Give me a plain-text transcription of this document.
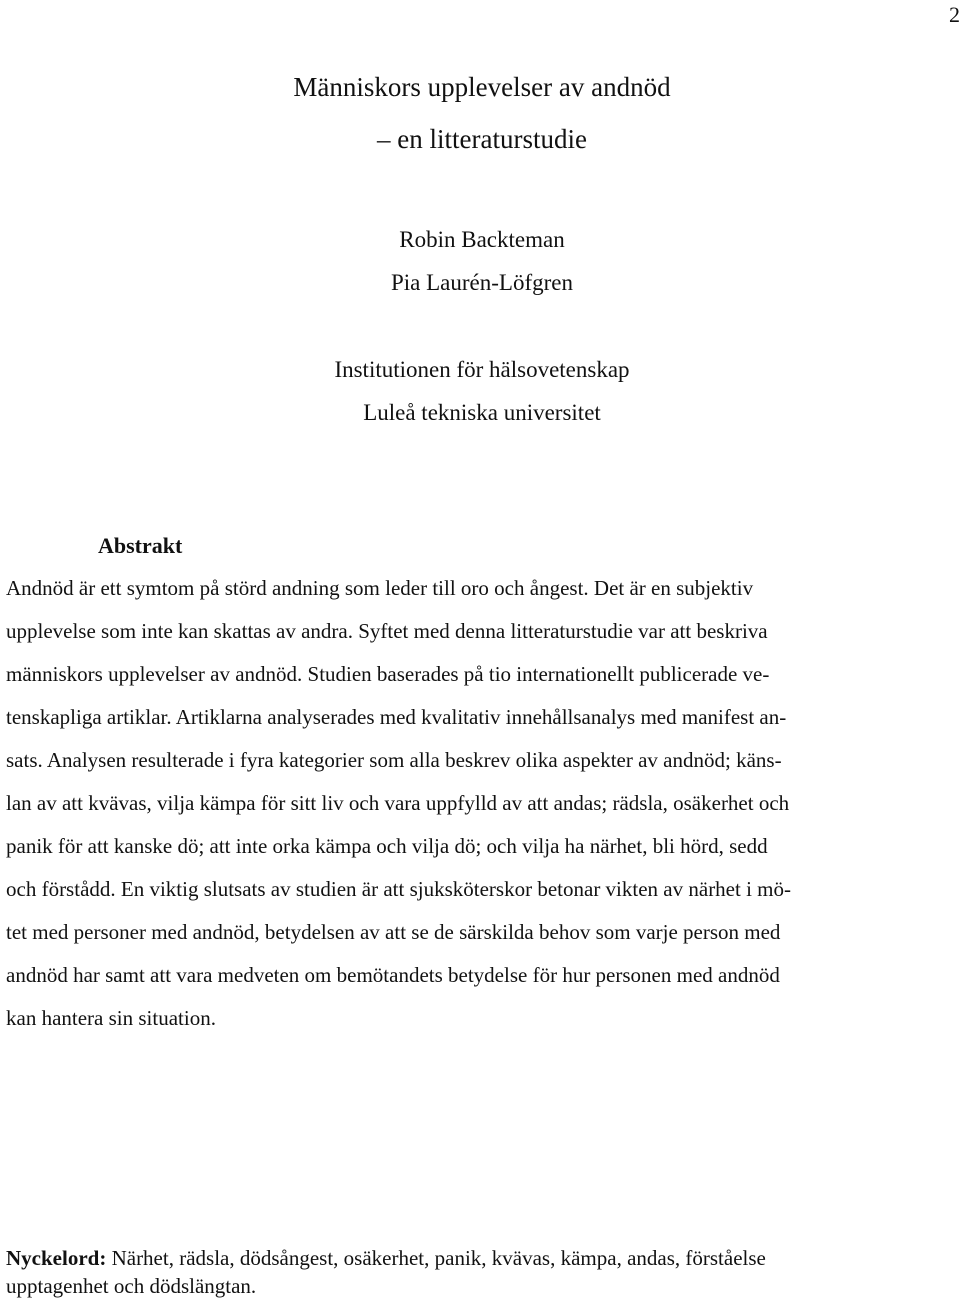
2
Människors upplevelser av andnöd
– en litteraturstudie
Robin Backteman
Pia Laurén-Löfgren
Institutionen för hälsovetenskap
Luleå tekniska universitet
Abstrakt
Andnöd är ett symtom på störd andning som leder till oro och ångest. Det är en subjektiv
upplevelse som inte kan skattas av andra. Syftet med denna litteraturstudie var att beskriva
människors upplevelser av andnöd. Studien baserades på tio internationellt publicerade ve-
tenskapliga artiklar. Artiklarna analyserades med kvalitativ innehållsanalys med manifest an-
sats. Analysen resulterade i fyra kategorier som alla beskrev olika aspekter av andnöd; käns-
lan av att kvävas, vilja kämpa för sitt liv och vara uppfylld av att andas; rädsla, osäkerhet och
panik för att kanske dö; att inte orka kämpa och vilja dö; och vilja ha närhet, bli hörd, sedd
och förstådd. En viktig slutsats av studien är att sjuksköterskor betonar vikten av närhet i mö-
tet med personer med andnöd, betydelsen av att se de särskilda behov som varje person med
andnöd har samt att vara medveten om bemötandets betydelse för hur personen med andnöd
kan hantera sin situation.
Nyckelord: Närhet, rädsla, dödsångest, osäkerhet, panik, kvävas, kämpa, andas, förståelse
upptagenhet och dödslängtan.
